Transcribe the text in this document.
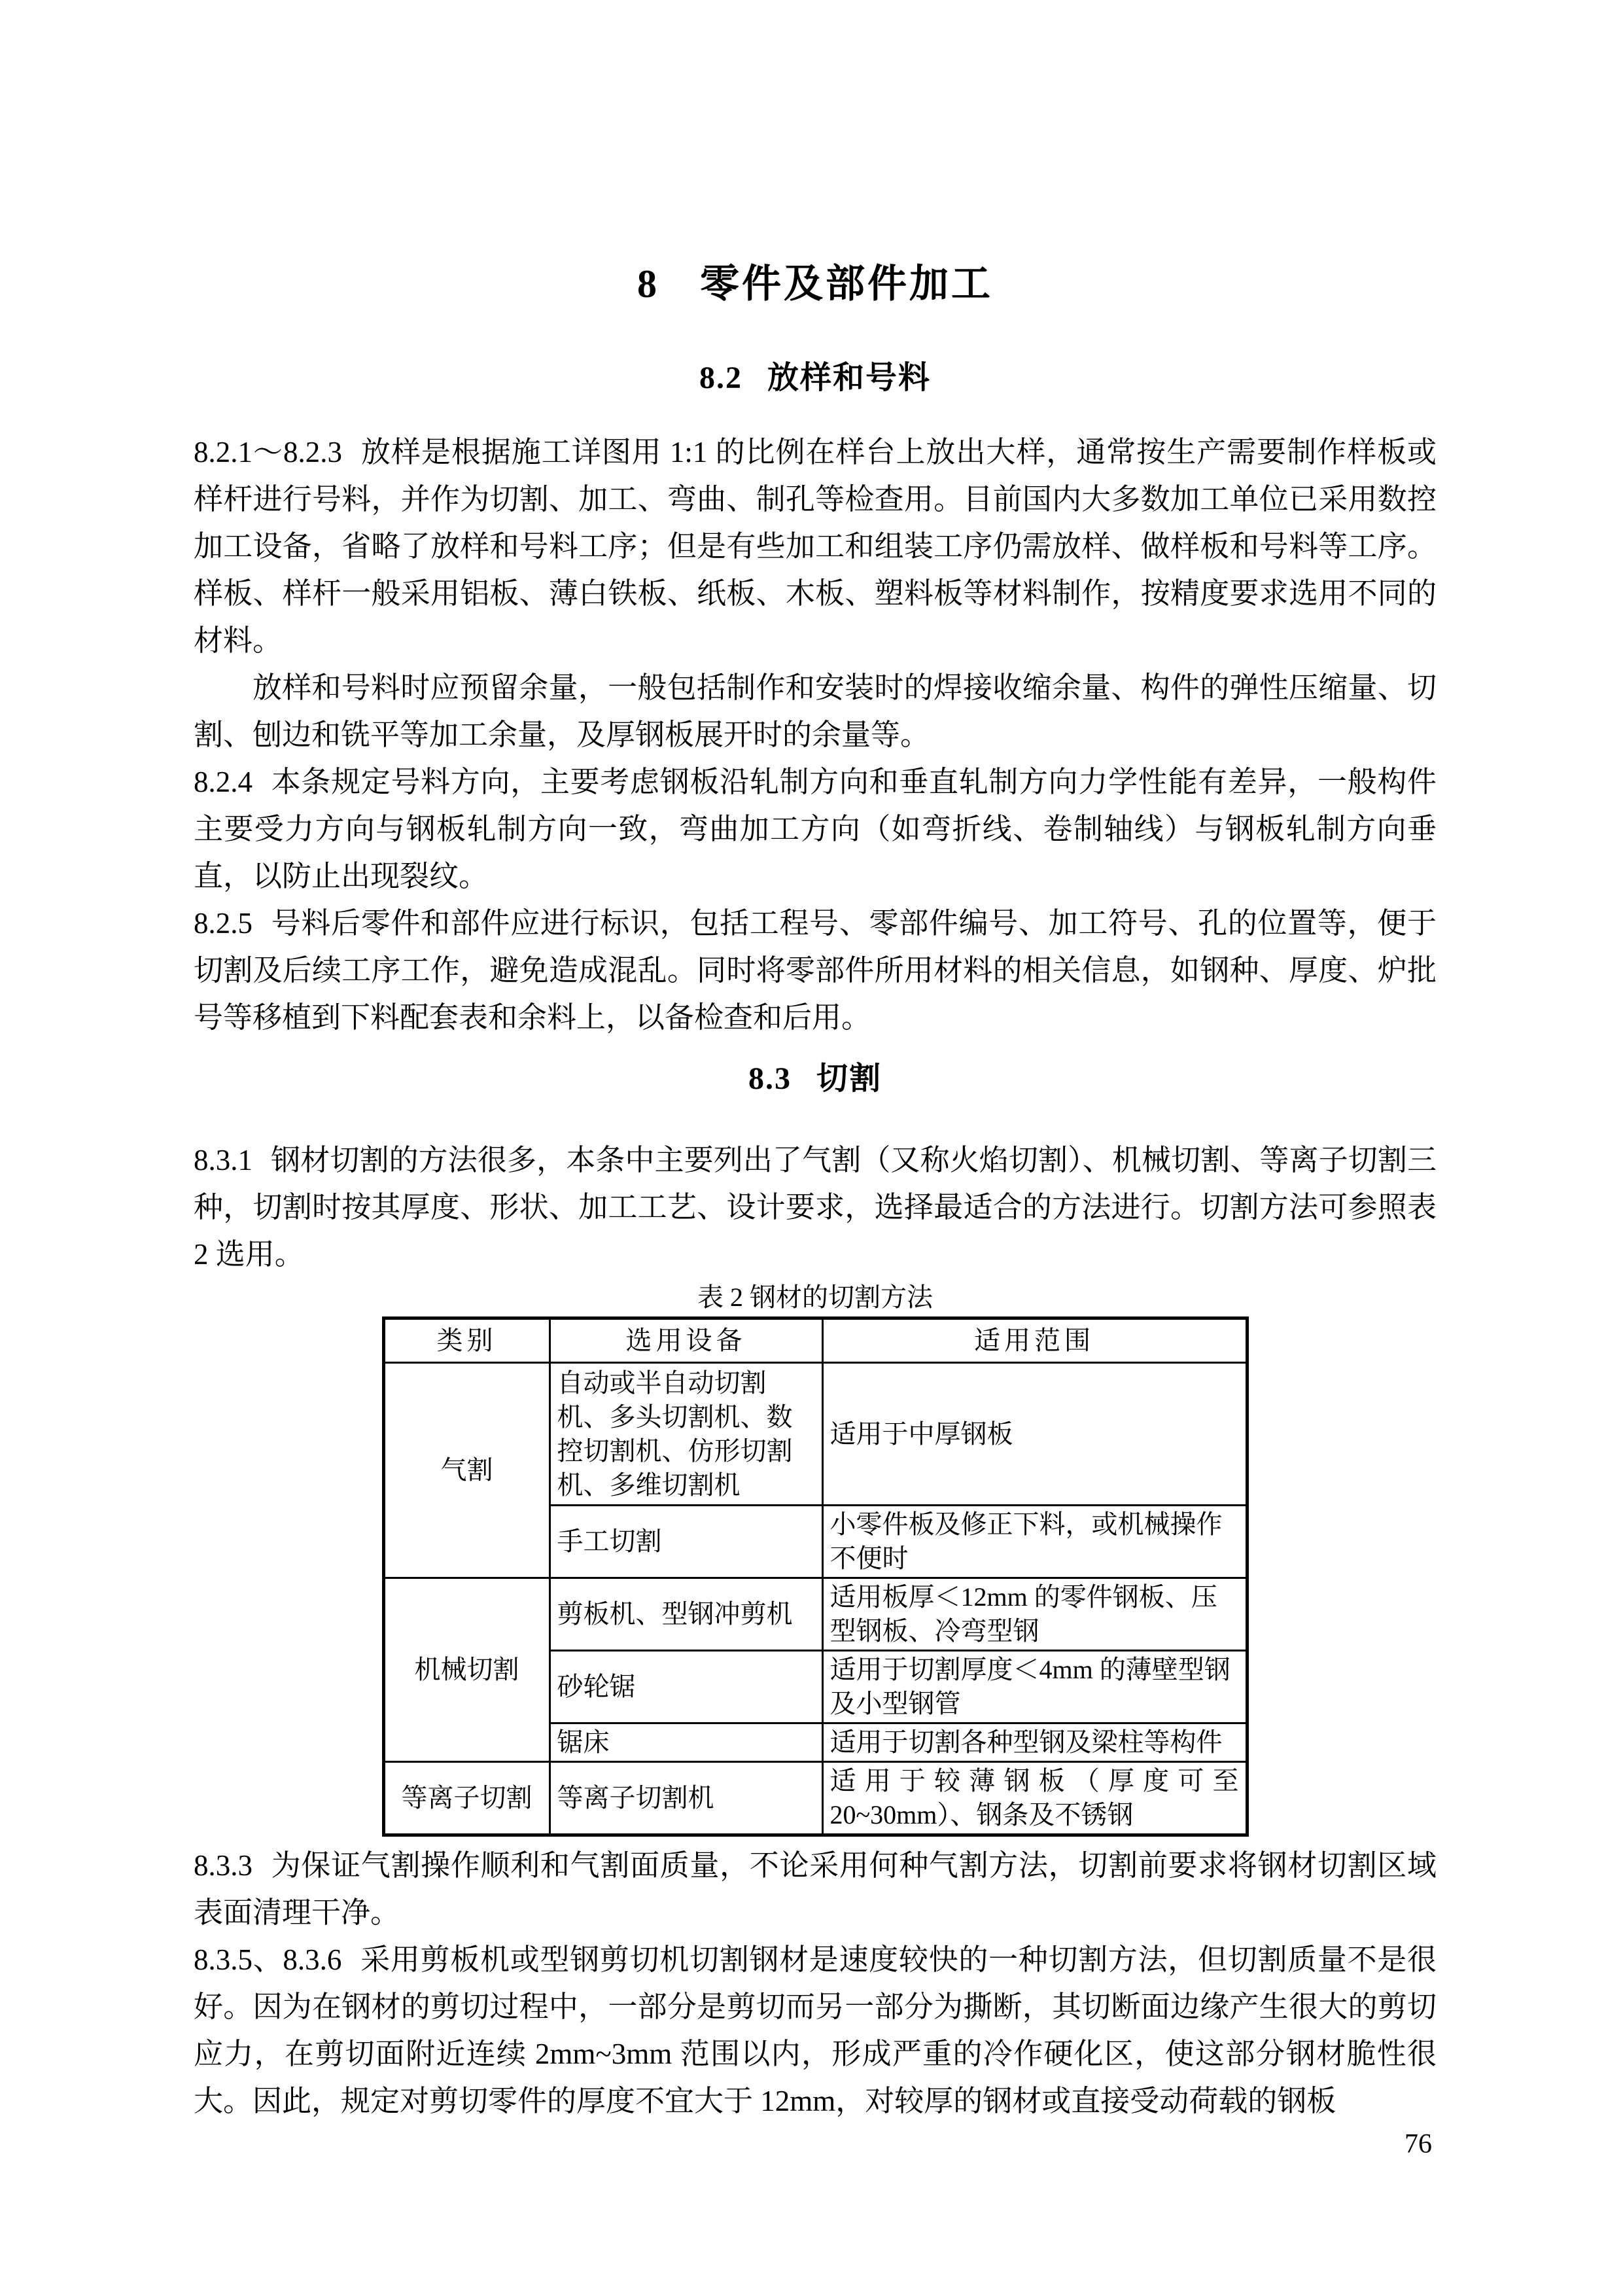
8 零件及部件加工
8.2 放样和号料

8.2.1～8.2.3 放样是根据施工详图用 1:1 的比例在样台上放出大样，通常按生产需要制作样板或样杆进行号料，并作为切割、加工、弯曲、制孔等检查用。目前国内大多数加工单位已采用数控加工设备，省略了放样和号料工序；但是有些加工和组装工序仍需放样、做样板和号料等工序。样板、样杆一般采用铝板、薄白铁板、纸板、木板、塑料板等材料制作，按精度要求选用不同的材料。

放样和号料时应预留余量，一般包括制作和安装时的焊接收缩余量、构件的弹性压缩量、切割、刨边和铣平等加工余量，及厚钢板展开时的余量等。

8.2.4 本条规定号料方向，主要考虑钢板沿轧制方向和垂直轧制方向力学性能有差异，一般构件主要受力方向与钢板轧制方向一致，弯曲加工方向（如弯折线、卷制轴线）与钢板轧制方向垂直，以防止出现裂纹。

8.2.5 号料后零件和部件应进行标识，包括工程号、零部件编号、加工符号、孔的位置等，便于切割及后续工序工作，避免造成混乱。同时将零部件所用材料的相关信息，如钢种、厚度、炉批号等移植到下料配套表和余料上，以备检查和后用。

8.3 切割

8.3.1 钢材切割的方法很多，本条中主要列出了气割（又称火焰切割）、机械切割、等离子切割三种，切割时按其厚度、形状、加工工艺、设计要求，选择最适合的方法进行。切割方法可参照表 2 选用。

表 2 钢材的切割方法
类别	选用设备	适用范围
气割	自动或半自动切割机、多头切割机、数控切割机、仿形切割机、多维切割机	适用于中厚钢板
	手工切割	小零件板及修正下料，或机械操作不便时
机械切割	剪板机、型钢冲剪机	适用板厚＜12mm 的零件钢板、压型钢板、冷弯型钢
	砂轮锯	适用于切割厚度＜4mm 的薄壁型钢及小型钢管
	锯床	适用于切割各种型钢及梁柱等构件
等离子切割	等离子切割机	适用于较薄钢板（厚度可至20~30mm）、钢条及不锈钢

8.3.3 为保证气割操作顺利和气割面质量，不论采用何种气割方法，切割前要求将钢材切割区域表面清理干净。

8.3.5、8.3.6 采用剪板机或型钢剪切机切割钢材是速度较快的一种切割方法，但切割质量不是很好。因为在钢材的剪切过程中，一部分是剪切而另一部分为撕断，其切断面边缘产生很大的剪切应力，在剪切面附近连续 2mm~3mm 范围以内，形成严重的冷作硬化区，使这部分钢材脆性很大。因此，规定对剪切零件的厚度不宜大于 12mm，对较厚的钢材或直接受动荷载的钢板

76
